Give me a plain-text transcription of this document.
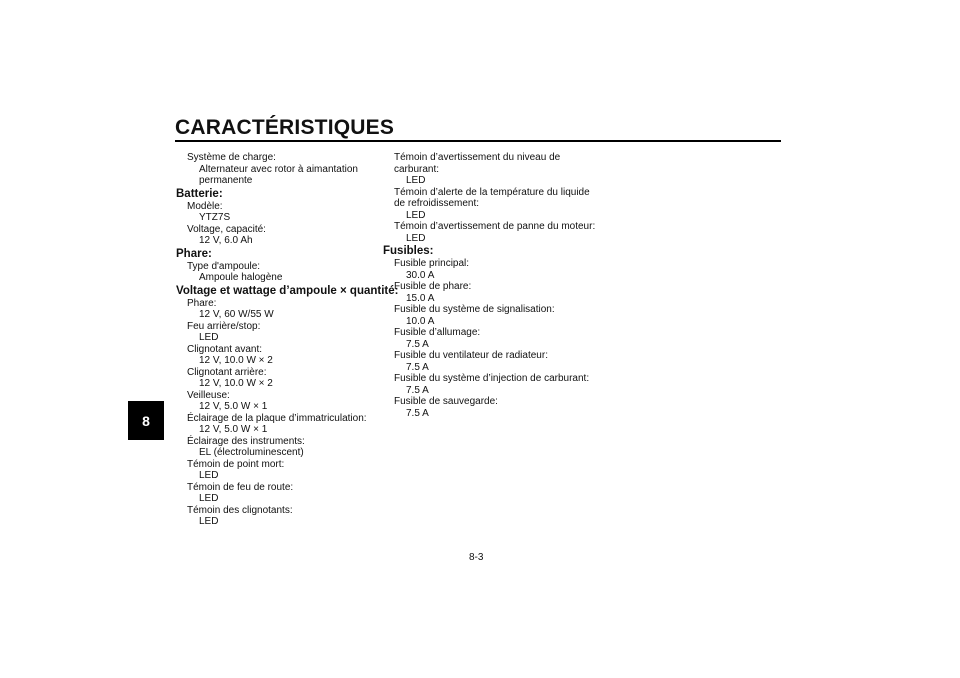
CARACTÉRISTIQUES
8
Système de charge:
Alternateur avec rotor à aimantation
permanente
Batterie:
Modèle:
YTZ7S
Voltage, capacité:
12 V, 6.0 Ah
Phare:
Type d'ampoule:
Ampoule halogène
Voltage et wattage d’ampoule × quantité:
Phare:
12 V, 60 W/55 W
Feu arrière/stop:
LED
Clignotant avant:
12 V, 10.0 W × 2
Clignotant arrière:
12 V, 10.0 W × 2
Veilleuse:
12 V, 5.0 W × 1
Éclairage de la plaque d’immatriculation:
12 V, 5.0 W × 1
Éclairage des instruments:
EL (électroluminescent)
Témoin de point mort:
LED
Témoin de feu de route:
LED
Témoin des clignotants:
LED
Témoin d’avertissement du niveau de
carburant:
LED
Témoin d’alerte de la température du liquide
de refroidissement:
LED
Témoin d’avertissement de panne du moteur:
LED
Fusibles:
Fusible principal:
30.0 A
Fusible de phare:
15.0 A
Fusible du système de signalisation:
10.0 A
Fusible d’allumage:
7.5 A
Fusible du ventilateur de radiateur:
7.5 A
Fusible du système d’injection de carburant:
7.5 A
Fusible de sauvegarde:
7.5 A
8-3
